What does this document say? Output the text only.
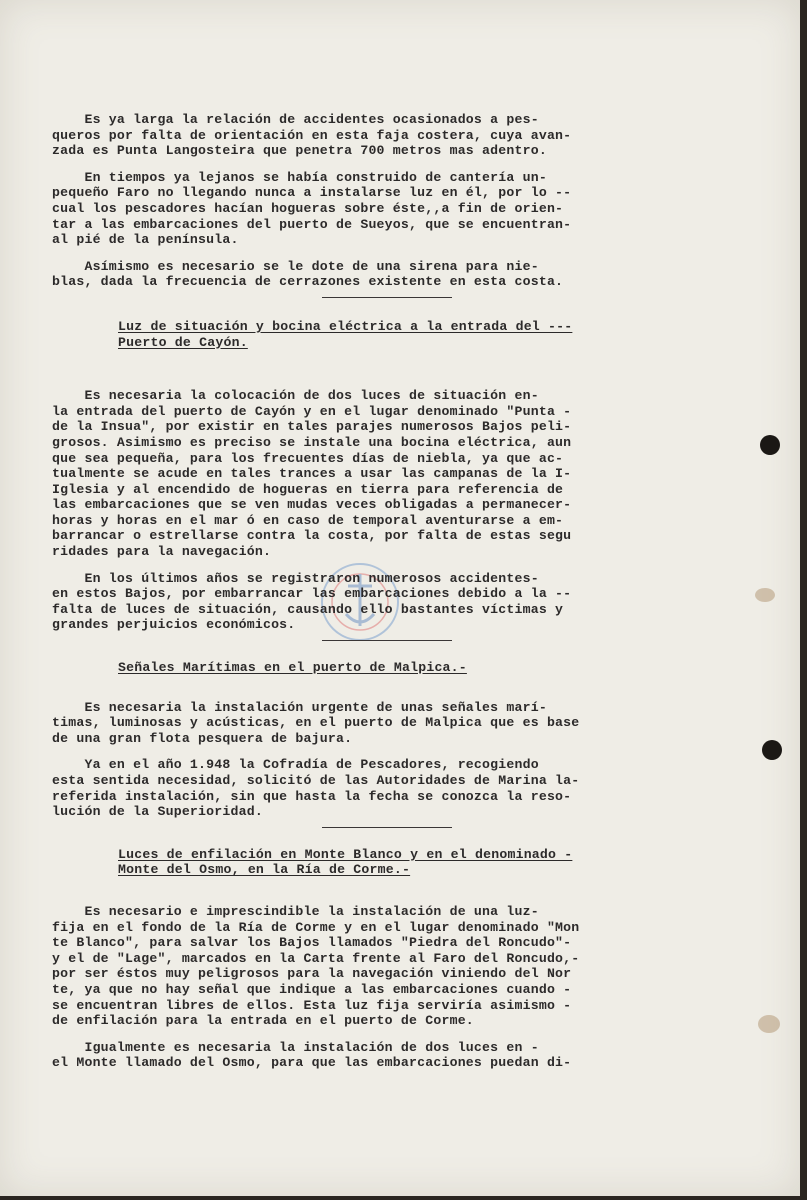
Es ya larga la relación de accidentes ocasionados a pes-
queros por falta de orientación en esta faja costera, cuya avan-
zada es Punta Langosteira que penetra 700 metros mas adentro.

En tiempos ya lejanos se había construido de cantería un-
pequeño Faro no llegando nunca a instalarse luz en él, por lo --
cual los pescadores hacían hogueras sobre éste,,a fin de orien-
tar a las embarcaciones del puerto de Sueyos, que se encuentran-
al pié de la península.

Asímismo es necesario se le dote de una sirena para nie-
blas, dada la frecuencia de cerrazones existente en esta costa.

Luz de situación y bocina eléctrica a la entrada del ---
Puerto de Cayón.

Es necesaria la colocación de dos luces de situación en-
la entrada del puerto de Cayón y en el lugar denominado "Punta -
de la Insua", por existir en tales parajes numerosos Bajos peli-
grosos. Asimismo es preciso se instale una bocina eléctrica, aun
que sea pequeña, para los frecuentes días de niebla, ya que ac-
tualmente se acude en tales trances a usar las campanas de la I-
Iglesia y al encendido de hogueras en tierra para referencia de
las embarcaciones que se ven mudas veces obligadas a permanecer-
horas y horas en el mar ó en caso de temporal aventurarse a em-
barrancar o estrellarse contra la costa, por falta de estas segu
ridades para la navegación.

En los últimos años se registraron numerosos accidentes-
en estos Bajos, por embarrancar las embarcaciones debido a la --
falta de luces de situación, causando ello bastantes víctimas y
grandes perjuicios económicos.

Señales Marítimas en el puerto de Malpica.-

Es necesaria la instalación urgente de unas señales marí-
timas, luminosas y acústicas, en el puerto de Malpica que es base
de una gran flota pesquera de bajura.

Ya en el año 1.948 la Cofradía de Pescadores, recogiendo
esta sentida necesidad, solicitó de las Autoridades de Marina la-
referida instalación, sin que hasta la fecha se conozca la reso-
lución de la Superioridad.

Luces de enfilación en Monte Blanco y en el denominado -
Monte del Osmo, en la Ría de Corme.-

Es necesario e imprescindible la instalación de una luz-
fija en el fondo de la Ría de Corme y en el lugar denominado "Mon
te Blanco", para salvar los Bajos llamados "Piedra del Roncudo"-
y el de "Lage", marcados en la Carta frente al Faro del Roncudo,-
por ser éstos muy peligrosos para la navegación viniendo del Nor
te, ya que no hay señal que indique a las embarcaciones cuando -
se encuentran libres de ellos. Esta luz fija serviría asimismo -
de enfilación para la entrada en el puerto de Corme.

Igualmente es necesaria la instalación de dos luces en -
el Monte llamado del Osmo, para que las embarcaciones puedan di-
